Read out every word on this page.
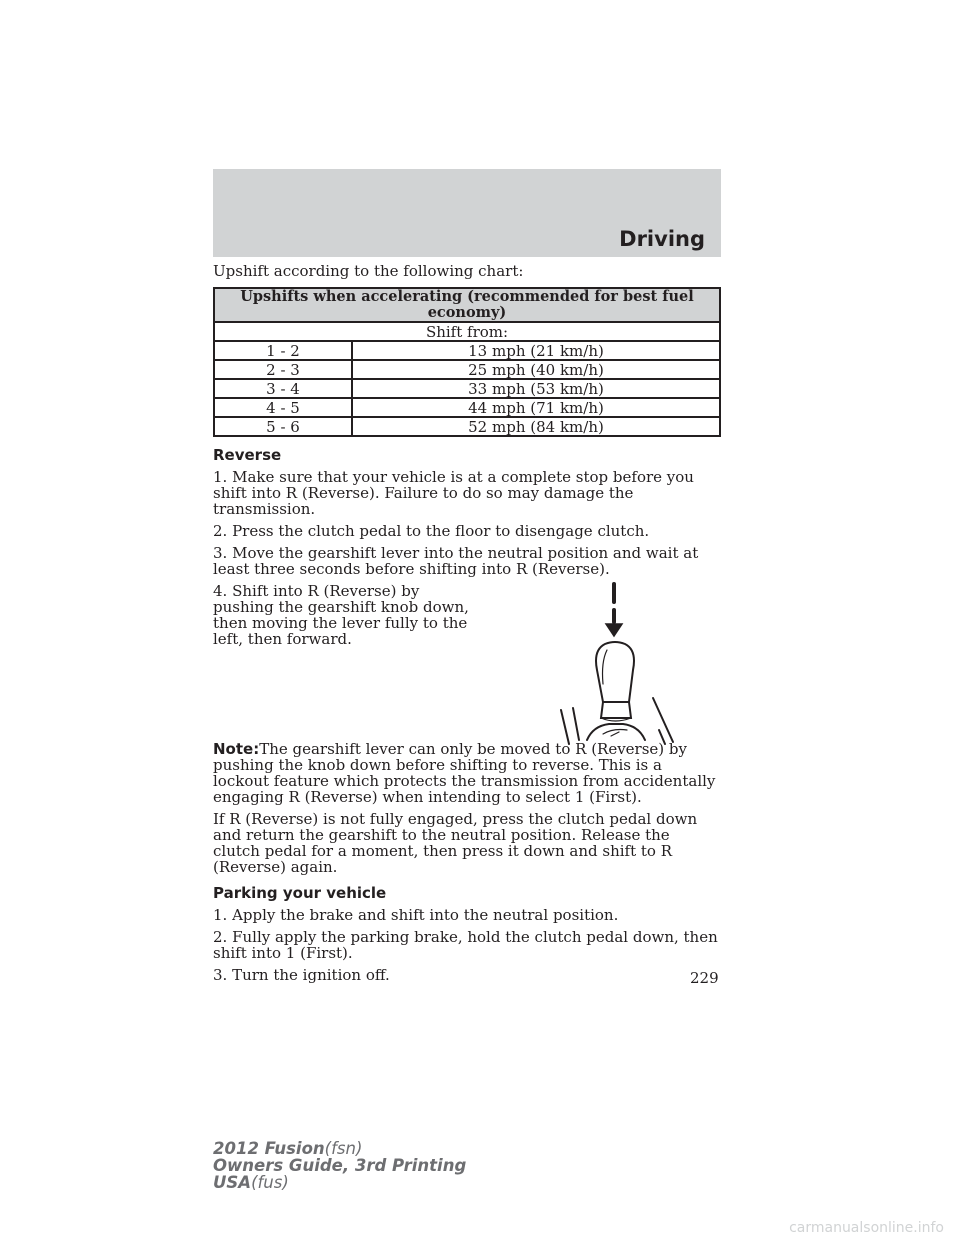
Driving

Upshift according to the following chart:

Upshifts when accelerating (recommended for best fuel economy)	
Shift from:	
1 - 2	13 mph (21 km/h)
2 - 3	25 mph (40 km/h)
3 - 4	33 mph (53 km/h)
4 - 5	44 mph (71 km/h)
5 - 6	52 mph (84 km/h)
Reverse

1. Make sure that your vehicle is at a complete stop before you shift into R (Reverse). Failure to do so may damage the transmission.

2. Press the clutch pedal to the floor to disengage clutch.

3. Move the gearshift lever into the neutral position and wait at least three seconds before shifting into R (Reverse).

4. Shift into R (Reverse) by pushing the gearshift knob down, then moving the lever fully to the left, then forward.

Note:The gearshift lever can only be moved to R (Reverse) by pushing the knob down before shifting to reverse. This is a lockout feature which protects the transmission from accidentally engaging R (Reverse) when intending to select 1 (First).

If R (Reverse) is not fully engaged, press the clutch pedal down and return the gearshift to the neutral position. Release the clutch pedal for a moment, then press it down and shift to R (Reverse) again.

Parking your vehicle

1. Apply the brake and shift into the neutral position.

2. Fully apply the parking brake, hold the clutch pedal down, then shift into 1 (First).

3. Turn the ignition off.	229
2012 Fusion(fsn)
Owners Guide, 3rd Printing
USA(fus)
carmanualsonline.info
